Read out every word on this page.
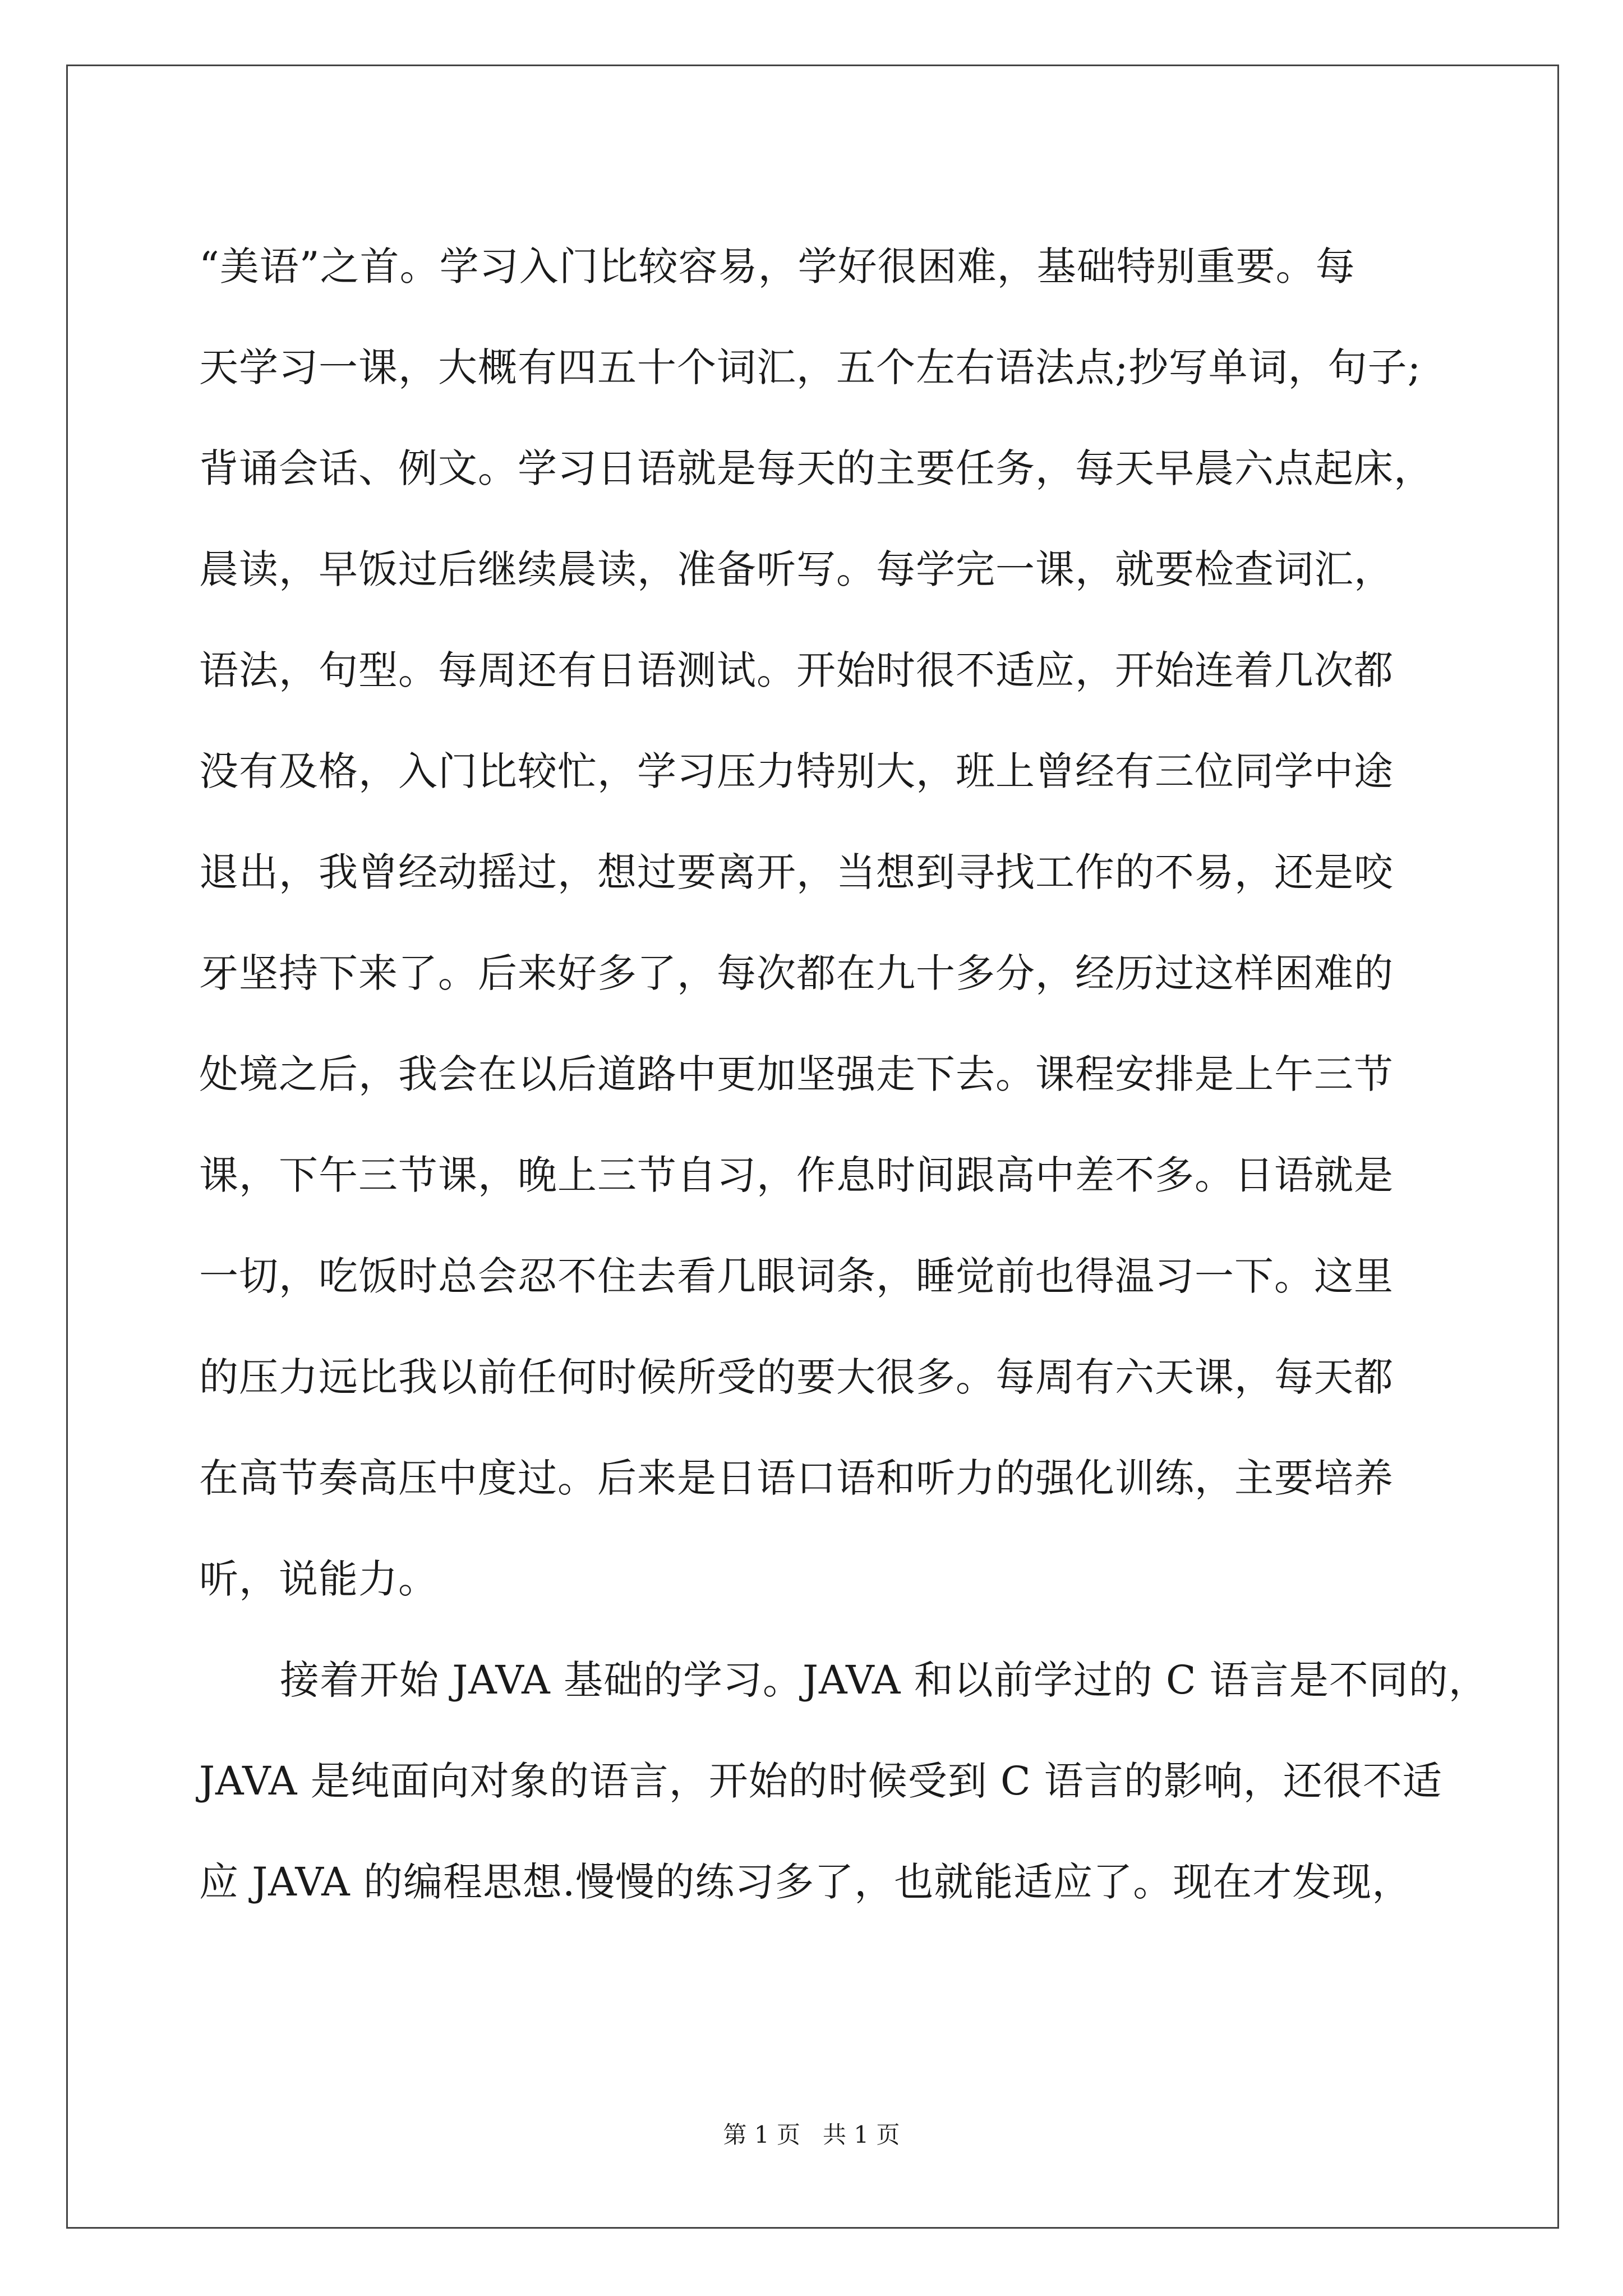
“美语”之首。学习入门比较容易，学好很困难，基础特别重要。每
天学习一课，大概有四五十个词汇，五个左右语法点;抄写单词，句子;
背诵会话、例文。学习日语就是每天的主要任务，每天早晨六点起床，
晨读，早饭过后继续晨读，准备听写。每学完一课，就要检查词汇，
语法，句型。每周还有日语测试。开始时很不适应，开始连着几次都
没有及格，入门比较忙，学习压力特别大，班上曾经有三位同学中途
退出，我曾经动摇过，想过要离开，当想到寻找工作的不易，还是咬
牙坚持下来了。后来好多了，每次都在九十多分，经历过这样困难的
处境之后，我会在以后道路中更加坚强走下去。课程安排是上午三节
课，下午三节课，晚上三节自习，作息时间跟高中差不多。日语就是
一切，吃饭时总会忍不住去看几眼词条，睡觉前也得温习一下。这里
的压力远比我以前任何时候所受的要大很多。每周有六天课，每天都
在高节奏高压中度过。后来是日语口语和听力的强化训练，主要培养
听，说能力。
接着开始 JAVA 基础的学习。JAVA 和以前学过的 C 语言是不同的，
JAVA 是纯面向对象的语言，开始的时候受到 C 语言的影响，还很不适
应 JAVA 的编程思想.慢慢的练习多了，也就能适应了。现在才发现，
第 1 页   共 1 页
